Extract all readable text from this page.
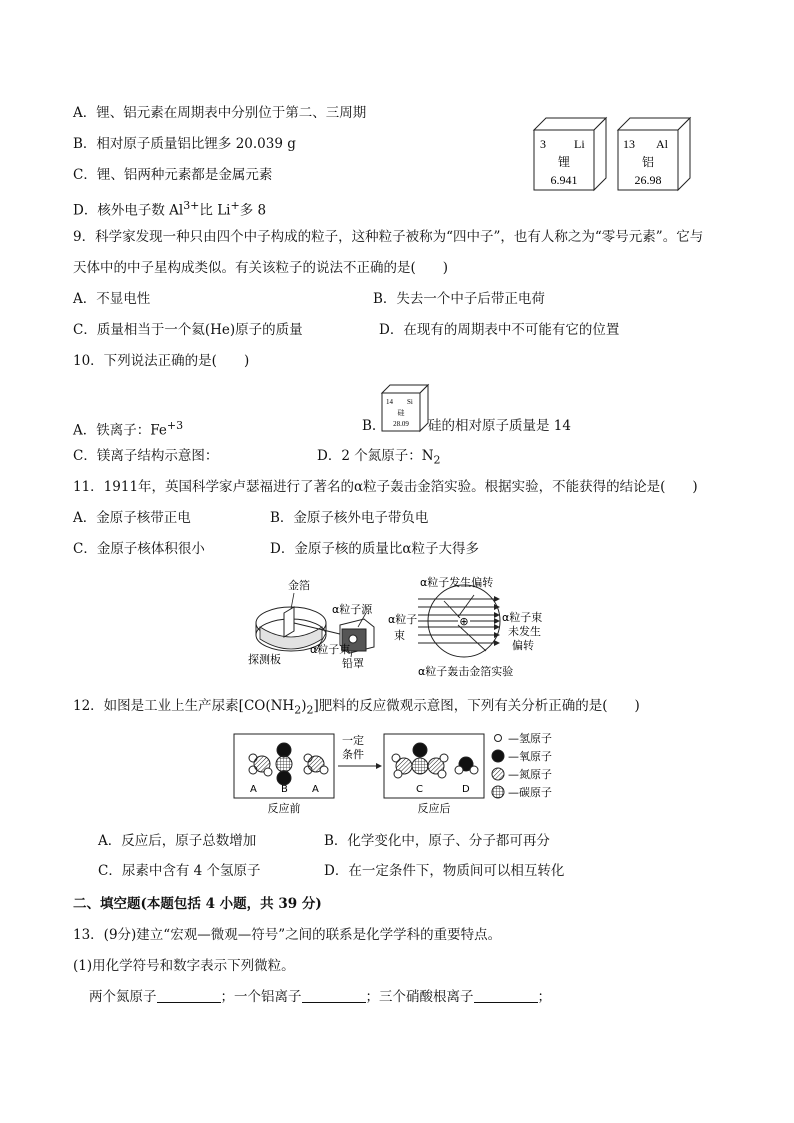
A．锂、铝元素在周期表中分别位于第二、三周期
B．相对原子质量铝比锂多 20.039 g
C．锂、铝两种元素都是金属元素
D．核外电子数 $Al^{3+}$比 Li+多 8
3 Li
锂
6.941
13 Al
铝
26.98
9．科学家发现一种只由四个中子构成的粒子，这种粒子被称为“四中子”，也有人称之为“零号元素”。它与
天体中的中子星构成类似。有关该粒子的说法不正确的是(　　)
A．不显电性	B．失去一个中子后带正电荷
C．质量相当于一个氦(He)原子的质量	D．在现有的周期表中不可能有它的位置
10．下列说法正确的是(　　)
A．铁离子：$Fe^{+3}$	B.
14 Si
硅
28.09 硅的相对原子质量是 14
C．镁离子结构示意图：	D．2 个氮原子：$N_2$
11．1911年，英国科学家卢瑟福进行了著名的α粒子轰击金箔实验。根据实验，不能获得的结论是(　　)
A．金原子核带正电	B．金原子核外电子带负电
C．金原子核体积很小	D．金原子核的质量比α粒子大得多
金箔
α粒子源
α粒子束
探测板	铅罩
⊕
α粒子发生偏转
α粒子
束
α粒子束
未发生
偏转
α粒子轰击金箔实验
12．如图是工业上生产尿素$[CO(NH_2)_2]$肥料的反应微观示意图，下列有关分析正确的是(　　)
A B A
反应前
一定
条件
C	D
反应后
—氢原子
—氧原子
—氮原子
—碳原子
A．反应后，原子总数增加	B．化学变化中，原子、分子都可再分
C．尿素中含有 4 个氢原子	D．在一定条件下，物质间可以相互转化
二、填空题(本题包括 4 小题，共 39 分)
13．(9分)建立“宏观—微观—符号”之间的联系是化学学科的重要特点。
(1)用化学符号和数字表示下列微粒。
两个氮原子	；一个铝离子	；三个硝酸根离子	；
